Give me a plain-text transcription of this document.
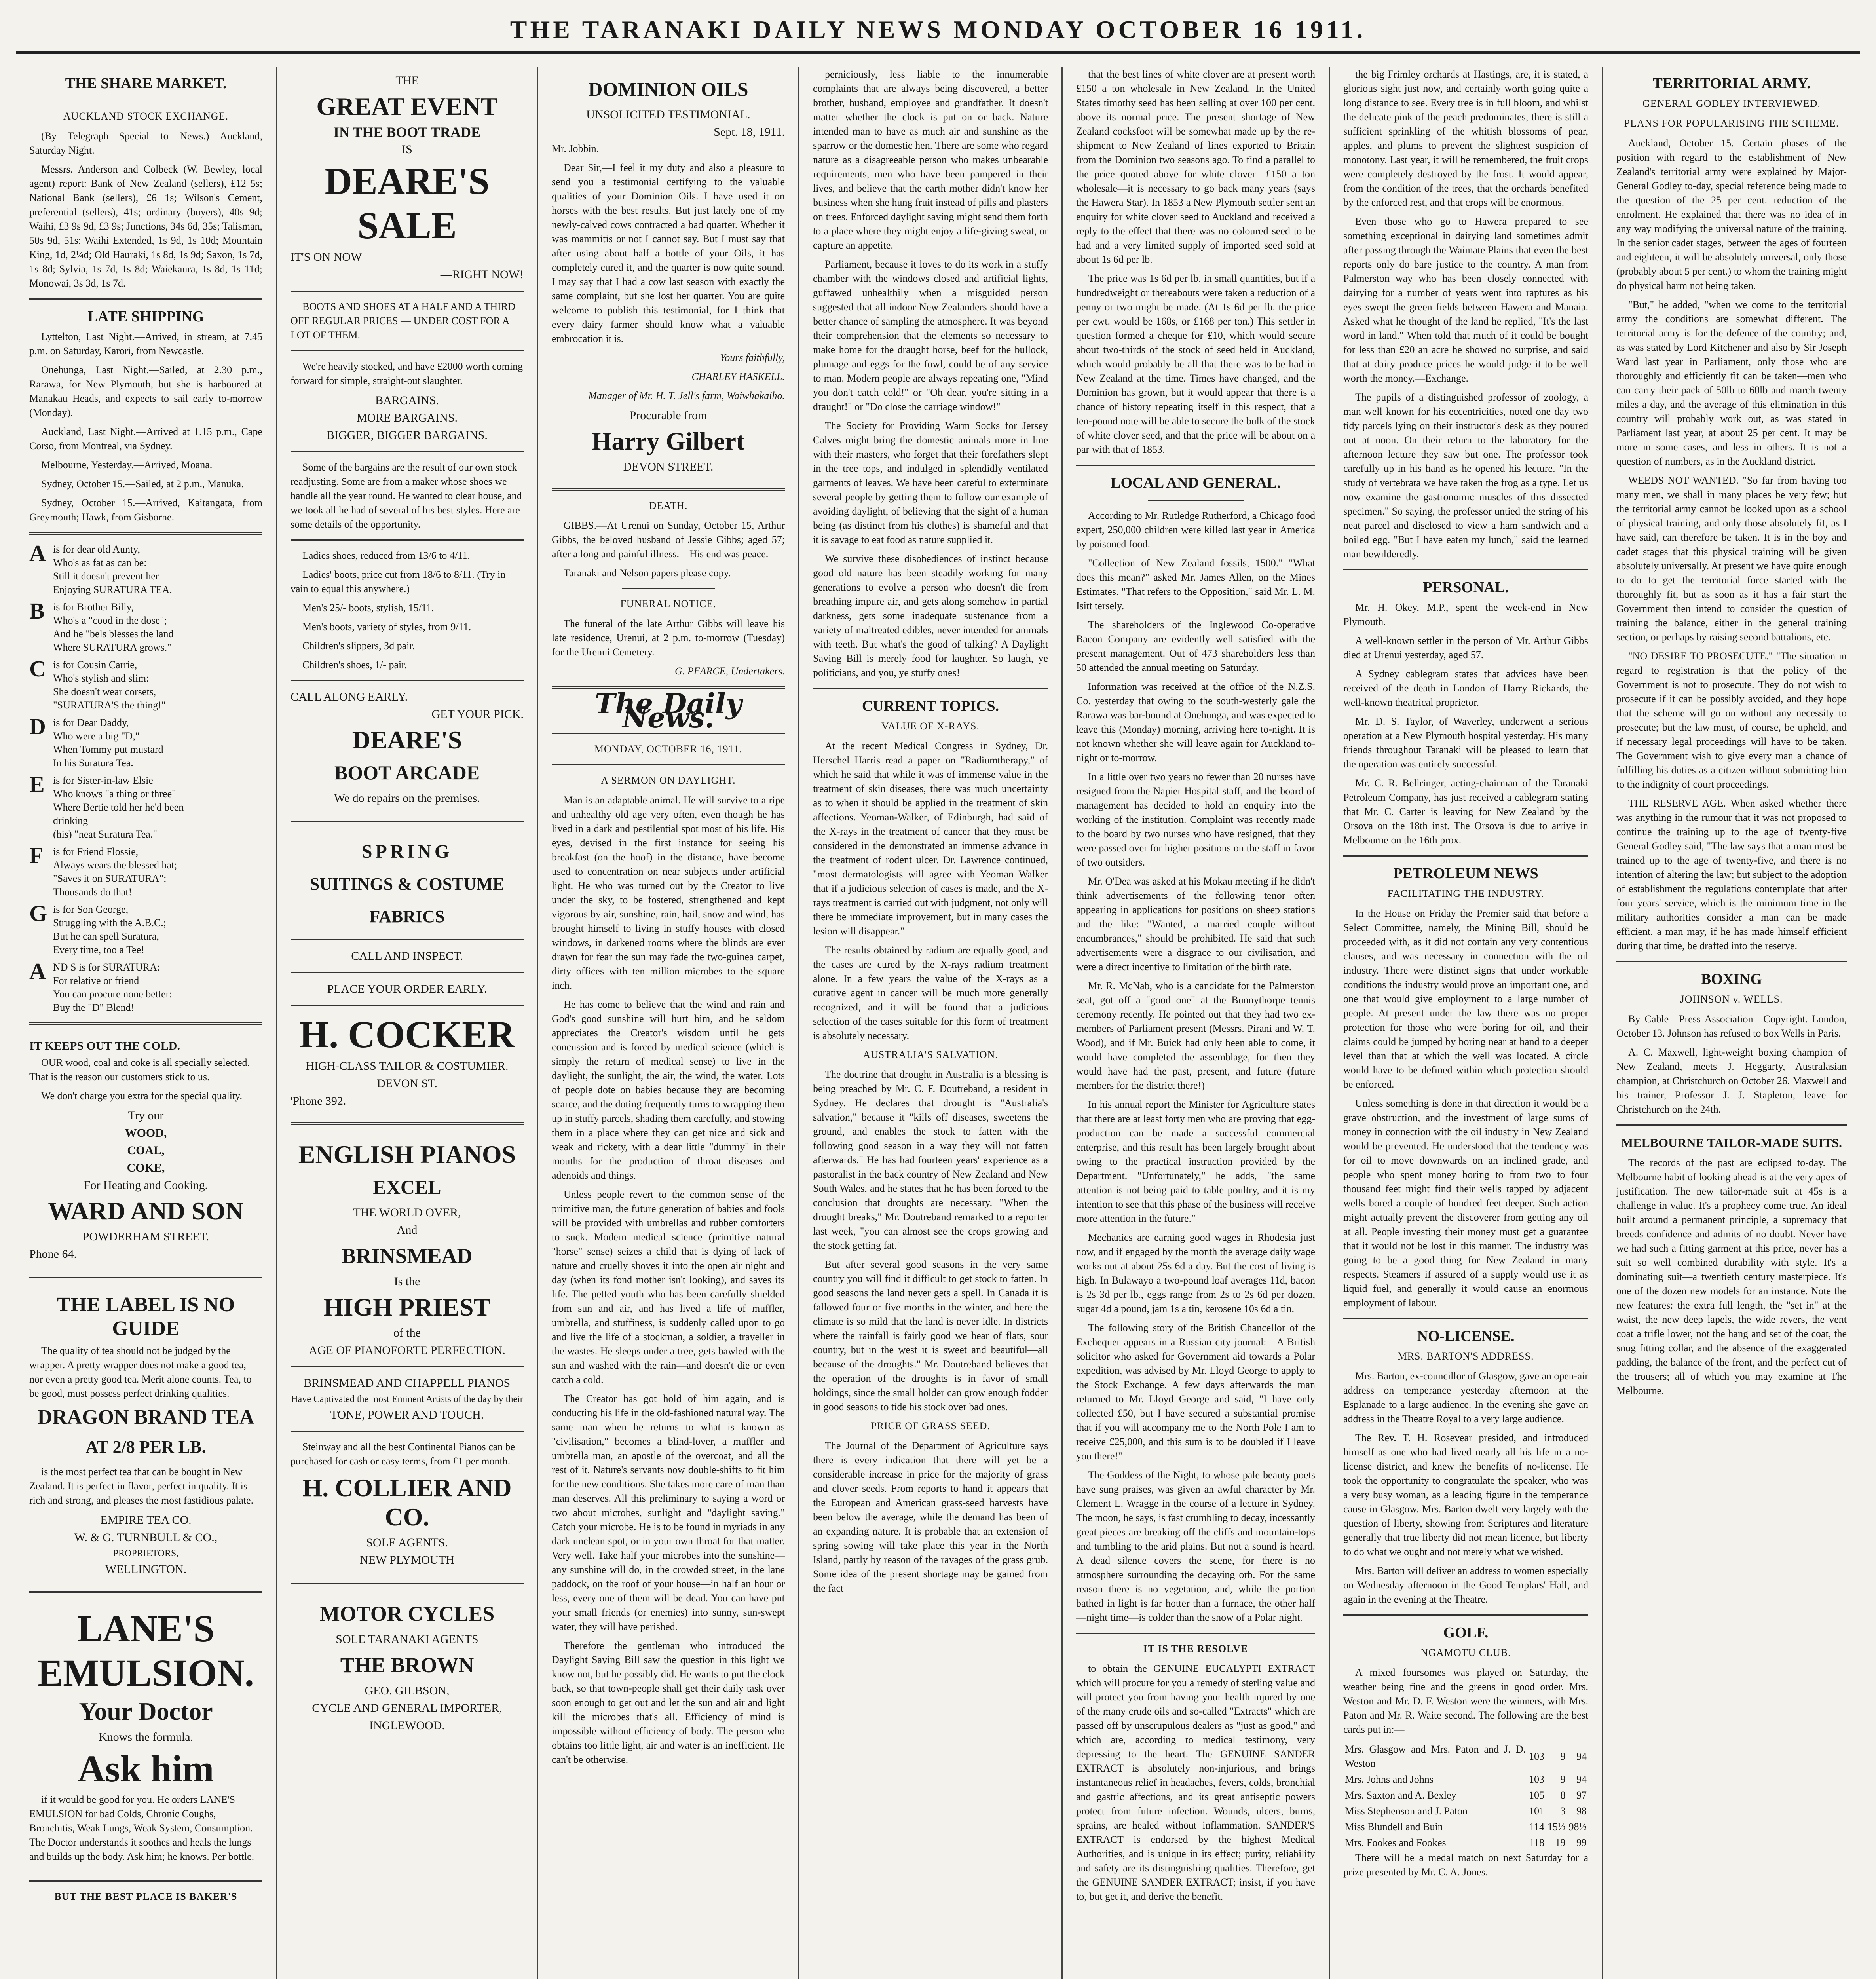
THE TARANAKI DAILY NEWS MONDAY OCTOBER 16 1911.
THE SHARE MARKET.
AUCKLAND STOCK EXCHANGE.

(By Telegraph—Special to News.) Auckland, Saturday Night.

Messrs. Anderson and Colbeck (W. Bewley, local agent) report: Bank of New Zealand (sellers), £12 5s; National Bank (sellers), £6 1s; Wilson's Cement, preferential (sellers), 41s; ordinary (buyers), 40s 9d; Waihi, £3 9s 9d, £3 9s; Junctions, 34s 6d, 35s; Talisman, 50s 9d, 51s; Waihi Extended, 1s 9d, 1s 10d; Mountain King, 1d, 2¼d; Old Hauraki, 1s 8d, 1s 9d; Saxon, 1s 7d, 1s 8d; Sylvia, 1s 7d, 1s 8d; Waiekaura, 1s 8d, 1s 11d; Monowai, 3s 3d, 1s 7d.

LATE SHIPPING

Lyttelton, Last Night.—Arrived, in stream, at 7.45 p.m. on Saturday, Karori, from Newcastle.

Onehunga, Last Night.—Sailed, at 2.30 p.m., Rarawa, for New Plymouth, but she is harboured at Manakau Heads, and expects to sail early to-morrow (Monday).

Auckland, Last Night.—Arrived at 1.15 p.m., Cape Corso, from Montreal, via Sydney.

Melbourne, Yesterday.—Arrived, Moana.

Sydney, October 15.—Sailed, at 2 p.m., Manuka.

Sydney, October 15.—Arrived, Kaitangata, from Greymouth; Hawk, from Gisborne.

A is for dear old Aunty,
Who's as fat as can be:
Still it doesn't prevent her
Enjoying SURATURA TEA.
B is for Brother Billy,
Who's a "cood in the dose";
And he "bels blesses the land
Where SURATURA grows."
C is for Cousin Carrie,
Who's stylish and slim:
She doesn't wear corsets,
"SURATURA'S the thing!"
D is for Dear Daddy,
Who were a big "D,"
When Tommy put mustard
In his Suratura Tea.
E is for Sister-in-law Elsie
Who knows "a thing or three"
Where Bertie told her he'd been
drinking
(his) "neat Suratura Tea."
F is for Friend Flossie,
Always wears the blessed hat;
"Saves it on SURATURA";
Thousands do that!
G is for Son George,
Struggling with the A.B.C.;
But he can spell Suratura,
Every time, too a Tee!
A ND S is for SURATURA:
For relative or friend
You can procure none better:
Buy the "D" Blend!
IT KEEPS OUT THE COLD.

OUR wood, coal and coke is all specially selected. That is the reason our customers stick to us.

We don't charge you extra for the special quality.

Try our
WOOD,
COAL,
COKE,
For Heating and Cooking.
WARD AND SON
POWDERHAM STREET.
Phone 64.
THE LABEL IS NO GUIDE

The quality of tea should not be judged by the wrapper. A pretty wrapper does not make a good tea, nor even a pretty good tea. Merit alone counts. Tea, to be good, must possess perfect drinking qualities.

DRAGON BRAND TEA
AT 2/8 PER LB.

is the most perfect tea that can be bought in New Zealand. It is perfect in flavor, perfect in quality. It is rich and strong, and pleases the most fastidious palate.

EMPIRE TEA CO.
W. & G. TURNBULL & CO.,
PROPRIETORS,
WELLINGTON.
LANE'S
EMULSION.
Your Doctor
Knows the formula.
Ask him

if it would be good for you. He orders LANE'S EMULSION for bad Colds, Chronic Coughs, Bronchitis, Weak Lungs, Weak System, Consumption. The Doctor understands it soothes and heals the lungs and builds up the body. Ask him; he knows. Per bottle.

BUT THE BEST PLACE IS BAKER'S
THE
GREAT EVENT
IN THE BOOT TRADE
IS
DEARE'S
SALE
IT'S ON NOW—
—RIGHT NOW!

BOOTS AND SHOES AT A HALF AND A THIRD OFF REGULAR PRICES — UNDER COST FOR A LOT OF THEM.

We're heavily stocked, and have £2000 worth coming forward for simple, straight-out slaughter.

BARGAINS.
MORE BARGAINS.
BIGGER, BIGGER BARGAINS.

Some of the bargains are the result of our own stock readjusting. Some are from a maker whose shoes we handle all the year round. He wanted to clear house, and we took all he had of several of his best styles. Here are some details of the opportunity.

Ladies shoes, reduced from 13/6 to 4/11.

Ladies' boots, price cut from 18/6 to 8/11. (Try in vain to equal this anywhere.)

Men's 25/- boots, stylish, 15/11.

Men's boots, variety of styles, from 9/11.

Children's slippers, 3d pair.

Children's shoes, 1/- pair.

CALL ALONG EARLY.
GET YOUR PICK.
DEARE'S
BOOT ARCADE
We do repairs on the premises.
SPRING
SUITINGS & COSTUME
FABRICS
CALL AND INSPECT.
PLACE YOUR ORDER EARLY.
H. COCKER
HIGH-CLASS TAILOR & COSTUMIER.
DEVON ST.
'Phone 392.
ENGLISH PIANOS
EXCEL
THE WORLD OVER,
And
BRINSMEAD
Is the
HIGH PRIEST
of the
AGE OF PIANOFORTE PERFECTION.
BRINSMEAD AND CHAPPELL PIANOS
Have Captivated the most Eminent Artists of the day by their
TONE, POWER AND TOUCH.

Steinway and all the best Continental Pianos can be purchased for cash or easy terms, from £1 per month.

H. COLLIER AND CO.
SOLE AGENTS.
NEW PLYMOUTH
MOTOR CYCLES
SOLE TARANAKI AGENTS
THE BROWN
GEO. GILBSON,
CYCLE AND GENERAL IMPORTER,
INGLEWOOD.
DOMINION OILS
UNSOLICITED TESTIMONIAL.
Sept. 18, 1911.

Mr. Jobbin.

Dear Sir,—I feel it my duty and also a pleasure to send you a testimonial certifying to the valuable qualities of your Dominion Oils. I have used it on horses with the best results. But just lately one of my newly-calved cows contracted a bad quarter. Whether it was mammitis or not I cannot say. But I must say that after using about half a bottle of your Oils, it has completely cured it, and the quarter is now quite sound. I may say that I had a cow last season with exactly the same complaint, but she lost her quarter. You are quite welcome to publish this testimonial, for I think that every dairy farmer should know what a valuable embrocation it is.

Yours faithfully,

CHARLEY HASKELL.

Manager of Mr. H. T. Jell's farm, Waiwhakaiho.

Procurable from
Harry Gilbert
DEVON STREET.
DEATH.

GIBBS.—At Urenui on Sunday, October 15, Arthur Gibbs, the beloved husband of Jessie Gibbs; aged 57; after a long and painful illness.—His end was peace.

Taranaki and Nelson papers please copy.

FUNERAL NOTICE.

The funeral of the late Arthur Gibbs will leave his late residence, Urenui, at 2 p.m. to-morrow (Tuesday) for the Urenui Cemetery.

G. PEARCE, Undertakers.

The Daily News.
MONDAY, OCTOBER 16, 1911.
A SERMON ON DAYLIGHT.

Man is an adaptable animal. He will survive to a ripe and unhealthy old age very often, even though he has lived in a dark and pestilential spot most of his life. His eyes, devised in the first instance for seeing his breakfast (on the hoof) in the distance, have become used to concentration on near subjects under artificial light. He who was turned out by the Creator to live under the sky, to be fostered, strengthened and kept vigorous by air, sunshine, rain, hail, snow and wind, has brought himself to living in stuffy houses with closed windows, in darkened rooms where the blinds are ever drawn for fear the sun may fade the two-guinea carpet, dirty offices with ten million microbes to the square inch.

He has come to believe that the wind and rain and God's good sunshine will hurt him, and he seldom appreciates the Creator's wisdom until he gets concussion and is forced by medical science (which is simply the return of medical sense) to live in the daylight, the sunlight, the air, the wind, the water. Lots of people dote on babies because they are becoming scarce, and the doting frequently turns to wrapping them up in stuffy parcels, shading them carefully, and stowing them in a place where they can get nice and sick and weak and rickety, with a dear little "dummy" in their mouths for the production of throat diseases and adenoids and things.

Unless people revert to the common sense of the primitive man, the future generation of babies and fools will be provided with umbrellas and rubber comforters to suck. Modern medical science (primitive natural "horse" sense) seizes a child that is dying of lack of nature and cruelly shoves it into the open air night and day (when its fond mother isn't looking), and saves its life. The petted youth who has been carefully shielded from sun and air, and has lived a life of muffler, umbrella, and stuffiness, is suddenly called upon to go and live the life of a stockman, a soldier, a traveller in the wastes. He sleeps under a tree, gets bawled with the sun and washed with the rain—and doesn't die or even catch a cold.

The Creator has got hold of him again, and is conducting his life in the old-fashioned natural way. The same man when he returns to what is known as "civilisation," becomes a blind-lover, a muffler and umbrella man, an apostle of the overcoat, and all the rest of it. Nature's servants now double-shifts to fit him for the new conditions. She takes more care of man than man deserves. All this preliminary to saying a word or two about microbes, sunlight and "daylight saving." Catch your microbe. He is to be found in myriads in any dark unclean spot, or in your own throat for that matter. Very well. Take half your microbes into the sunshine—any sunshine will do, in the crowded street, in the lane paddock, on the roof of your house—in half an hour or less, every one of them will be dead. You can have put your small friends (or enemies) into sunny, sun-swept water, they will have perished.

Therefore the gentleman who introduced the Daylight Saving Bill saw the question in this light we know not, but he possibly did. He wants to put the clock back, so that town-people shall get their daily task over soon enough to get out and let the sun and air and light kill the microbes that's all. Efficiency of mind is impossible without efficiency of body. The person who obtains too little light, air and water is an inefficient. He can't be otherwise.

perniciously, less liable to the innumerable complaints that are always being discovered, a better brother, husband, employee and grandfather. It doesn't matter whether the clock is put on or back. Nature intended man to have as much air and sunshine as the sparrow or the domestic hen. There are some who regard nature as a disagreeable person who makes unbearable requirements, men who have been pampered in their lives, and believe that the earth mother didn't know her business when she hung fruit instead of pills and plasters on trees. Enforced daylight saving might send them forth to a place where they might enjoy a life-giving sweat, or capture an appetite.

Parliament, because it loves to do its work in a stuffy chamber with the windows closed and artificial lights, guffawed unhealthily when a misguided person suggested that all indoor New Zealanders should have a better chance of sampling the atmosphere. It was beyond their comprehension that the elements so necessary to make home for the draught horse, beef for the bullock, plumage and eggs for the fowl, could be of any service to man. Modern people are always repeating one, "Mind you don't catch cold!" or "Oh dear, you're sitting in a draught!" or "Do close the carriage window!"

The Society for Providing Warm Socks for Jersey Calves might bring the domestic animals more in line with their masters, who forget that their forefathers slept in the tree tops, and indulged in splendidly ventilated garments of leaves. We have been careful to exterminate several people by getting them to follow our example of avoiding daylight, of believing that the sight of a human being (as distinct from his clothes) is shameful and that it is savage to eat food as nature supplied it.

We survive these disobediences of instinct because good old nature has been steadily working for many generations to evolve a person who doesn't die from breathing impure air, and gets along somehow in partial darkness, gets some inadequate sustenance from a variety of maltreated edibles, never intended for animals with teeth. But what's the good of talking? A Daylight Saving Bill is merely food for laughter. So laugh, ye politicians, and you, ye stuffy ones!

CURRENT TOPICS.
VALUE OF X-RAYS.

At the recent Medical Congress in Sydney, Dr. Herschel Harris read a paper on "Radiumtherapy," of which he said that while it was of immense value in the treatment of skin diseases, there was much uncertainty as to when it should be applied in the treatment of skin affections. Yeoman-Walker, of Edinburgh, had said of the X-rays in the treatment of cancer that they must be considered in the demonstrated an immense advance in the treatment of rodent ulcer. Dr. Lawrence continued, "most dermatologists will agree with Yeoman Walker that if a judicious selection of cases is made, and the X-rays treatment is carried out with judgment, not only will there be immediate improvement, but in many cases the lesion will disappear."

The results obtained by radium are equally good, and the cases are cured by the X-rays radium treatment alone. In a few years the value of the X-rays as a curative agent in cancer will be much more generally recognized, and it will be found that a judicious selection of the cases suitable for this form of treatment is absolutely necessary.

AUSTRALIA'S SALVATION.

The doctrine that drought in Australia is a blessing is being preached by Mr. C. F. Doutreband, a resident in Sydney. He declares that drought is "Australia's salvation," because it "kills off diseases, sweetens the ground, and enables the stock to fatten with the following good season in a way they will not fatten afterwards." He has had fourteen years' experience as a pastoralist in the back country of New Zealand and New South Wales, and he states that he has been forced to the conclusion that droughts are necessary. "When the drought breaks," Mr. Doutreband remarked to a reporter last week, "you can almost see the crops growing and the stock getting fat."

But after several good seasons in the very same country you will find it difficult to get stock to fatten. In good seasons the land never gets a spell. In Canada it is fallowed four or five months in the winter, and here the climate is so mild that the land is never idle. In districts where the rainfall is fairly good we hear of flats, sour country, but in the west it is sweet and beautiful—all because of the droughts." Mr. Doutreband believes that the operation of the droughts is in favor of small holdings, since the small holder can grow enough fodder in good seasons to tide his stock over bad ones.

PRICE OF GRASS SEED.

The Journal of the Department of Agriculture says there is every indication that there will yet be a considerable increase in price for the majority of grass and clover seeds. From reports to hand it appears that the European and American grass-seed harvests have been below the average, while the demand has been of an expanding nature. It is probable that an extension of spring sowing will take place this year in the North Island, partly by reason of the ravages of the grass grub. Some idea of the present shortage may be gained from the fact

that the best lines of white clover are at present worth £150 a ton wholesale in New Zealand. In the United States timothy seed has been selling at over 100 per cent. above its normal price. The present shortage of New Zealand cocksfoot will be somewhat made up by the re-shipment to New Zealand of lines exported to Britain from the Dominion two seasons ago. To find a parallel to the price quoted above for white clover—£150 a ton wholesale—it is necessary to go back many years (says the Hawera Star). In 1853 a New Plymouth settler sent an enquiry for white clover seed to Auckland and received a reply to the effect that there was no coloured seed to be had and a very limited supply of imported seed sold at about 1s 6d per lb.

The price was 1s 6d per lb. in small quantities, but if a hundredweight or thereabouts were taken a reduction of a penny or two might be made. (At 1s 6d per lb. the price per cwt. would be 168s, or £168 per ton.) This settler in question formed a cheque for £10, which would secure about two-thirds of the stock of seed held in Auckland, which would probably be all that there was to be had in New Zealand at the time. Times have changed, and the Dominion has grown, but it would appear that there is a chance of history repeating itself in this respect, that a ten-pound note will be able to secure the bulk of the stock of white clover seed, and that the price will be about on a par with that of 1853.

LOCAL AND GENERAL.

According to Mr. Rutledge Rutherford, a Chicago food expert, 250,000 children were killed last year in America by poisoned food.

"Collection of New Zealand fossils, 1500." "What does this mean?" asked Mr. James Allen, on the Mines Estimates. "That refers to the Opposition," said Mr. L. M. Isitt tersely.

The shareholders of the Inglewood Co-operative Bacon Company are evidently well satisfied with the present management. Out of 473 shareholders less than 50 attended the annual meeting on Saturday.

Information was received at the office of the N.Z.S. Co. yesterday that owing to the south-westerly gale the Rarawa was bar-bound at Onehunga, and was expected to leave this (Monday) morning, arriving here to-night. It is not known whether she will leave again for Auckland to-night or to-morrow.

In a little over two years no fewer than 20 nurses have resigned from the Napier Hospital staff, and the board of management has decided to hold an enquiry into the working of the institution. Complaint was recently made to the board by two nurses who have resigned, that they were passed over for higher positions on the staff in favor of two outsiders.

Mr. O'Dea was asked at his Mokau meeting if he didn't think advertisements of the following tenor often appearing in applications for positions on sheep stations and the like: "Wanted, a married couple without encumbrances," should be prohibited. He said that such advertisements were a disgrace to our civilisation, and were a direct incentive to limitation of the birth rate.

Mr. R. McNab, who is a candidate for the Palmerston seat, got off a "good one" at the Bunnythorpe tennis ceremony recently. He pointed out that they had two ex-members of Parliament present (Messrs. Pirani and W. T. Wood), and if Mr. Buick had only been able to come, it would have completed the assemblage, for then they would have had the past, present, and future (future members for the district there!)

In his annual report the Minister for Agriculture states that there are at least forty men who are proving that egg-production can be made a successful commercial enterprise, and this result has been largely brought about owing to the practical instruction provided by the Department. "Unfortunately," he adds, "the same attention is not being paid to table poultry, and it is my intention to see that this phase of the business will receive more attention in the future."

Mechanics are earning good wages in Rhodesia just now, and if engaged by the month the average daily wage works out at about 25s 6d a day. But the cost of living is high. In Bulawayo a two-pound loaf averages 11d, bacon is 2s 3d per lb., eggs range from 2s to 2s 6d per dozen, sugar 4d a pound, jam 1s a tin, kerosene 10s 6d a tin.

The following story of the British Chancellor of the Exchequer appears in a Russian city journal:—A British solicitor who asked for Government aid towards a Polar expedition, was advised by Mr. Lloyd George to apply to the Stock Exchange. A few days afterwards the man returned to Mr. Lloyd George and said, "I have only collected £50, but I have secured a substantial promise that if you will accompany me to the North Pole I am to receive £25,000, and this sum is to be doubled if I leave you there!"

The Goddess of the Night, to whose pale beauty poets have sung praises, was given an awful character by Mr. Clement L. Wragge in the course of a lecture in Sydney. The moon, he says, is fast crumbling to decay, incessantly great pieces are breaking off the cliffs and mountain-tops and tumbling to the arid plains. But not a sound is heard. A dead silence covers the scene, for there is no atmosphere surrounding the decaying orb. For the same reason there is no vegetation, and, while the portion bathed in light is far hotter than a furnace, the other half—night time—is colder than the snow of a Polar night.

IT IS THE RESOLVE

to obtain the GENUINE EUCALYPTI EXTRACT which will procure for you a remedy of sterling value and will protect you from having your health injured by one of the many crude oils and so-called "Extracts" which are passed off by unscrupulous dealers as "just as good," and which are, according to medical testimony, very depressing to the heart. The GENUINE SANDER EXTRACT is absolutely non-injurious, and brings instantaneous relief in headaches, fevers, colds, bronchial and gastric affections, and its great antiseptic powers protect from future infection. Wounds, ulcers, burns, sprains, are healed without inflammation. SANDER'S EXTRACT is endorsed by the highest Medical Authorities, and is unique in its effect; purity, reliability and safety are its distinguishing qualities. Therefore, get the GENUINE SANDER EXTRACT; insist, if you have to, but get it, and derive the benefit.

the big Frimley orchards at Hastings, are, it is stated, a glorious sight just now, and certainly worth going quite a long distance to see. Every tree is in full bloom, and whilst the delicate pink of the peach predominates, there is still a sufficient sprinkling of the whitish blossoms of pear, apples, and plums to prevent the slightest suspicion of monotony. Last year, it will be remembered, the fruit crops were completely destroyed by the frost. It would appear, from the condition of the trees, that the orchards benefited by the enforced rest, and that crops will be enormous.

Even those who go to Hawera prepared to see something exceptional in dairying land sometimes admit after passing through the Waimate Plains that even the best reports only do bare justice to the country. A man from Palmerston way who has been closely connected with dairying for a number of years went into raptures as his eyes swept the green fields between Hawera and Manaia. Asked what he thought of the land he replied, "It's the last word in land." When told that much of it could be bought for less than £20 an acre he showed no surprise, and said that at dairy produce prices he would judge it to be well worth the money.—Exchange.

The pupils of a distinguished professor of zoology, a man well known for his eccentricities, noted one day two tidy parcels lying on their instructor's desk as they poured out at noon. On their return to the laboratory for the afternoon lecture they saw but one. The professor took carefully up in his hand as he opened his lecture. "In the study of vertebrata we have taken the frog as a type. Let us now examine the gastronomic muscles of this dissected specimen." So saying, the professor untied the string of his neat parcel and disclosed to view a ham sandwich and a boiled egg. "But I have eaten my lunch," said the learned man bewilderedly.

PERSONAL.

Mr. H. Okey, M.P., spent the week-end in New Plymouth.

A well-known settler in the person of Mr. Arthur Gibbs died at Urenui yesterday, aged 57.

A Sydney cablegram states that advices have been received of the death in London of Harry Rickards, the well-known theatrical proprietor.

Mr. D. S. Taylor, of Waverley, underwent a serious operation at a New Plymouth hospital yesterday. His many friends throughout Taranaki will be pleased to learn that the operation was entirely successful.

Mr. C. R. Bellringer, acting-chairman of the Taranaki Petroleum Company, has just received a cablegram stating that Mr. C. Carter is leaving for New Zealand by the Orsova on the 18th inst. The Orsova is due to arrive in Melbourne on the 16th prox.

PETROLEUM NEWS
FACILITATING THE INDUSTRY.

In the House on Friday the Premier said that before a Select Committee, namely, the Mining Bill, should be proceeded with, as it did not contain any very contentious clauses, and was necessary in connection with the oil industry. There were distinct signs that under workable conditions the industry would prove an important one, and one that would give employment to a large number of people. At present under the law there was no proper protection for those who were boring for oil, and their claims could be jumped by boring near at hand to a deeper level than that at which the well was located. A circle would have to be defined within which protection should be enforced.

Unless something is done in that direction it would be a grave obstruction, and the investment of large sums of money in connection with the oil industry in New Zealand would be prevented. He understood that the tendency was for oil to move downwards on an inclined grade, and people who spent money boring to from two to four thousand feet might find their wells tapped by adjacent wells bored a couple of hundred feet deeper. Such action might actually prevent the discoverer from getting any oil at all. People investing their money must get a guarantee that it would not be lost in this manner. The industry was going to be a good thing for New Zealand in many respects. Steamers if assured of a supply would use it as liquid fuel, and generally it would cause an enormous employment of labour.

NO-LICENSE.
MRS. BARTON'S ADDRESS.

Mrs. Barton, ex-councillor of Glasgow, gave an open-air address on temperance yesterday afternoon at the Esplanade to a large audience. In the evening she gave an address in the Theatre Royal to a very large audience.

The Rev. T. H. Rosevear presided, and introduced himself as one who had lived nearly all his life in a no-license district, and knew the benefits of no-license. He took the opportunity to congratulate the speaker, who was a very busy woman, as a leading figure in the temperance cause in Glasgow. Mrs. Barton dwelt very largely with the question of liberty, showing from Scriptures and literature generally that true liberty did not mean licence, but liberty to do what we ought and not merely what we wished.

Mrs. Barton will deliver an address to women especially on Wednesday afternoon in the Good Templars' Hall, and again in the evening at the Theatre.

GOLF.
NGAMOTU CLUB.

A mixed foursomes was played on Saturday, the weather being fine and the greens in good order. Mrs. Weston and Mr. D. F. Weston were the winners, with Mrs. Paton and Mr. R. Waite second. The following are the best cards put in:—

Mrs. Glasgow and Mrs. Paton and J. D. Weston	103	9	94
Mrs. Johns and Johns	103	9	94
Mrs. Saxton and A. Bexley	105	8	97
Miss Stephenson and J. Paton	101	3	98
Miss Blundell and Buin	114	15½	98½
Mrs. Fookes and Fookes	118	19	99

There will be a medal match on next Saturday for a prize presented by Mr. C. A. Jones.

TERRITORIAL ARMY.
GENERAL GODLEY INTERVIEWED.
PLANS FOR POPULARISING THE SCHEME.

Auckland, October 15. Certain phases of the position with regard to the establishment of New Zealand's territorial army were explained by Major-General Godley to-day, special reference being made to the question of the 25 per cent. reduction of the enrolment. He explained that there was no idea of in any way modifying the universal nature of the training. In the senior cadet stages, between the ages of fourteen and eighteen, it will be absolutely universal, only those (probably about 5 per cent.) to whom the training might do physical harm not being taken.

"But," he added, "when we come to the territorial army the conditions are somewhat different. The territorial army is for the defence of the country; and, as was stated by Lord Kitchener and also by Sir Joseph Ward last year in Parliament, only those who are thoroughly and efficiently fit can be taken—men who can carry their pack of 50lb to 60lb and march twenty miles a day, and the average of this elimination in this country will probably work out, as was stated in Parliament last year, at about 25 per cent. It may be more in some cases, and less in others. It is not a question of numbers, as in the Auckland district.

WEEDS NOT WANTED. "So far from having too many men, we shall in many places be very few; but the territorial army cannot be looked upon as a school of physical training, and only those absolutely fit, as I have said, can therefore be taken. It is in the boy and cadet stages that this physical training will be given absolutely universally. At present we have quite enough to do to get the territorial force started with the thoroughly fit, but as soon as it has a fair start the Government then intend to consider the question of training the balance, either in the general training section, or perhaps by raising second battalions, etc.

"NO DESIRE TO PROSECUTE." "The situation in regard to registration is that the policy of the Government is not to prosecute. They do not wish to prosecute if it can be possibly avoided, and they hope that the scheme will go on without any necessity to prosecute; but the law must, of course, be upheld, and if necessary legal proceedings will have to be taken. The Government wish to give every man a chance of fulfilling his duties as a citizen without submitting him to the indignity of court proceedings.

THE RESERVE AGE. When asked whether there was anything in the rumour that it was not proposed to continue the training up to the age of twenty-five General Godley said, "The law says that a man must be trained up to the age of twenty-five, and there is no intention of altering the law; but subject to the adoption of establishment the regulations contemplate that after four years' service, which is the minimum time in the military authorities consider a man can be made efficient, a man may, if he has made himself efficient during that time, be drafted into the reserve.

BOXING
JOHNSON v. WELLS.

By Cable—Press Association—Copyright. London, October 13. Johnson has refused to box Wells in Paris.

A. C. Maxwell, light-weight boxing champion of New Zealand, meets J. Heggarty, Australasian champion, at Christchurch on October 26. Maxwell and his trainer, Professor J. J. Stapleton, leave for Christchurch on the 24th.

MELBOURNE TAILOR-MADE SUITS.

The records of the past are eclipsed to-day. The Melbourne habit of looking ahead is at the very apex of justification. The new tailor-made suit at 45s is a challenge in value. It's a prophecy come true. An ideal built around a permanent principle, a supremacy that breeds confidence and admits of no doubt. Never have we had such a fitting garment at this price, never has a suit so well combined durability with style. It's a dominating suit—a twentieth century masterpiece. It's one of the dozen new models for an instance. Note the new features: the extra full length, the "set in" at the waist, the new deep lapels, the wide revers, the vent coat a trifle lower, not the hang and set of the coat, the snug fitting collar, and the absence of the exaggerated padding, the balance of the front, and the perfect cut of the trousers; all of which you may examine at The Melbourne.
